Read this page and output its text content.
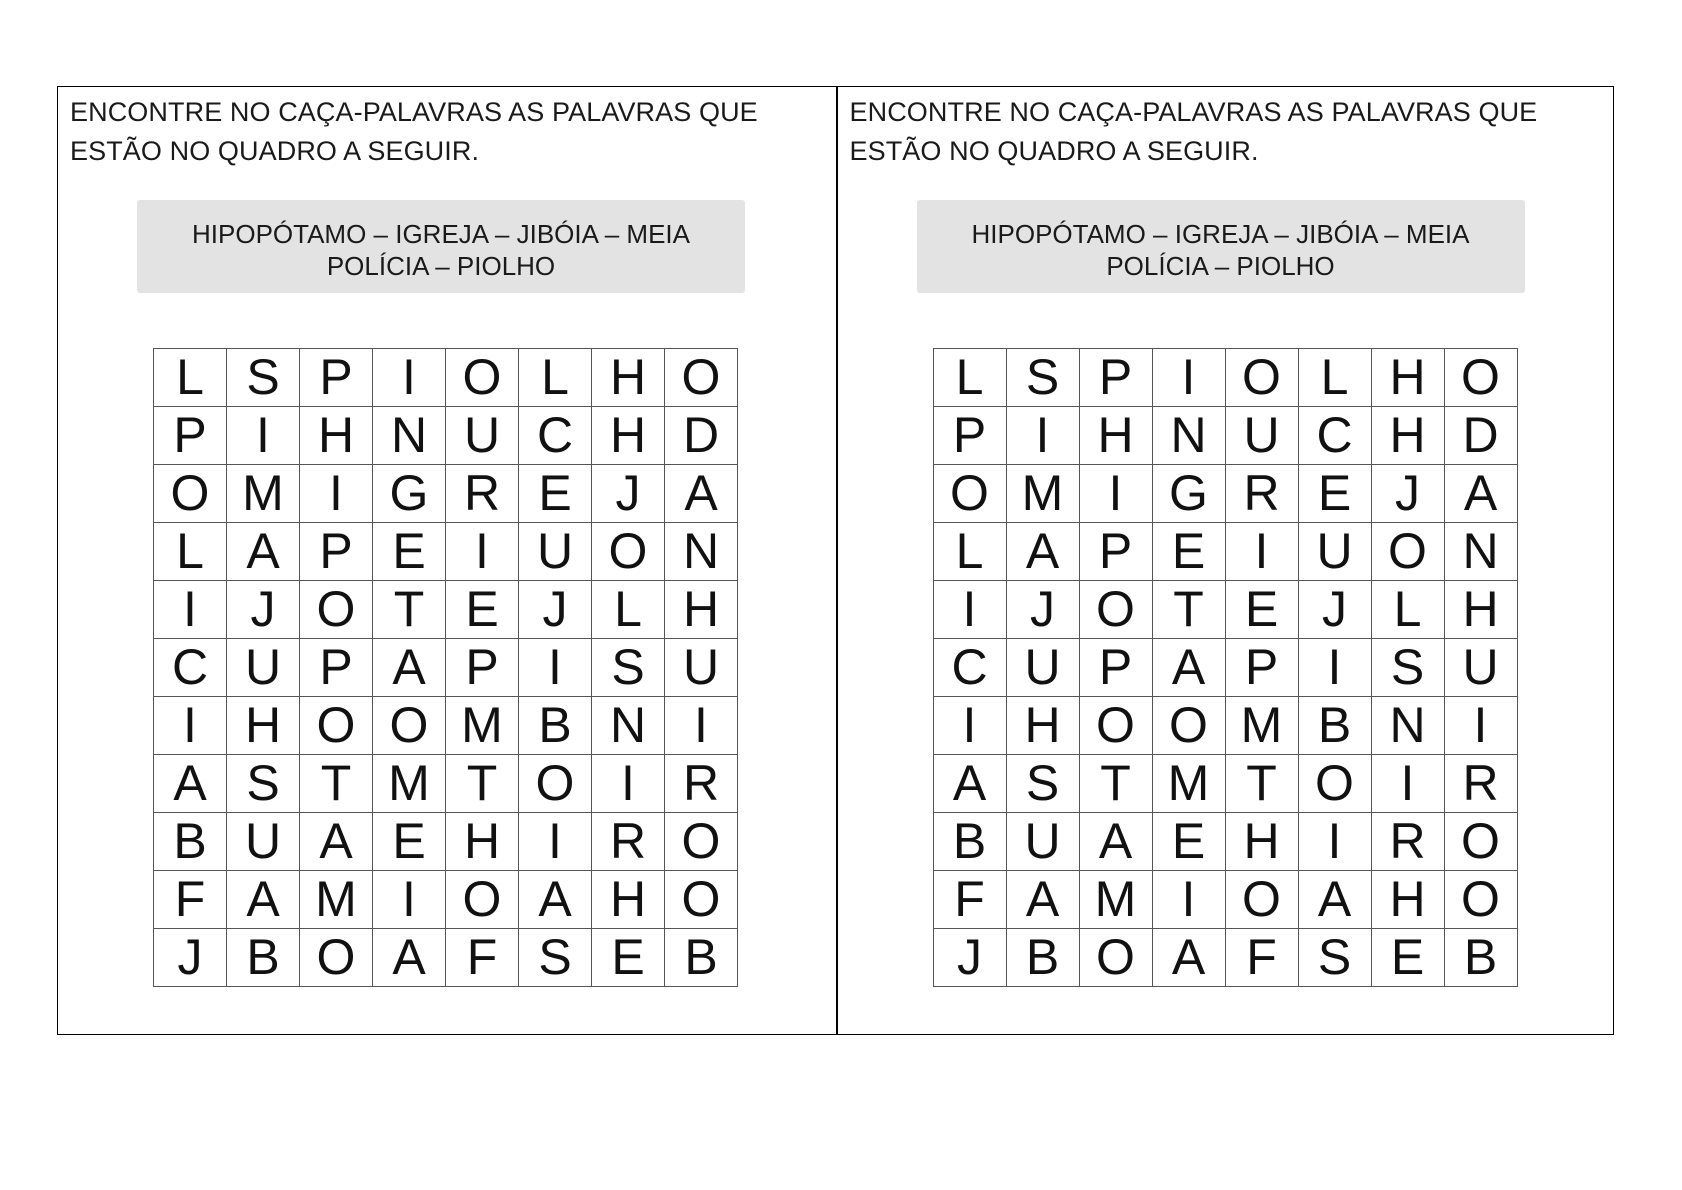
ENCONTRE NO CAÇA-PALAVRAS AS PALAVRAS QUE
ESTÃO NO QUADRO A SEGUIR.

HIPOPÓTAMO – IGREJA – JIBÓIA – MEIA
POLÍCIA – PIOLHO
L	S	P	I	O	L	H	O
P	I	H	N	U	C	H	D
O	M	I	G	R	E	J	A
L	A	P	E	I	U	O	N
I	J	O	T	E	J	L	H
C	U	P	A	P	I	S	U
I	H	O	O	M	B	N	I
A	S	T	M	T	O	I	R
B	U	A	E	H	I	R	O
F	A	M	I	O	A	H	O
J	B	O	A	F	S	E	B

ENCONTRE NO CAÇA-PALAVRAS AS PALAVRAS QUE
ESTÃO NO QUADRO A SEGUIR.

HIPOPÓTAMO – IGREJA – JIBÓIA – MEIA
POLÍCIA – PIOLHO
L	S	P	I	O	L	H	O
P	I	H	N	U	C	H	D
O	M	I	G	R	E	J	A
L	A	P	E	I	U	O	N
I	J	O	T	E	J	L	H
C	U	P	A	P	I	S	U
I	H	O	O	M	B	N	I
A	S	T	M	T	O	I	R
B	U	A	E	H	I	R	O
F	A	M	I	O	A	H	O
J	B	O	A	F	S	E	B
